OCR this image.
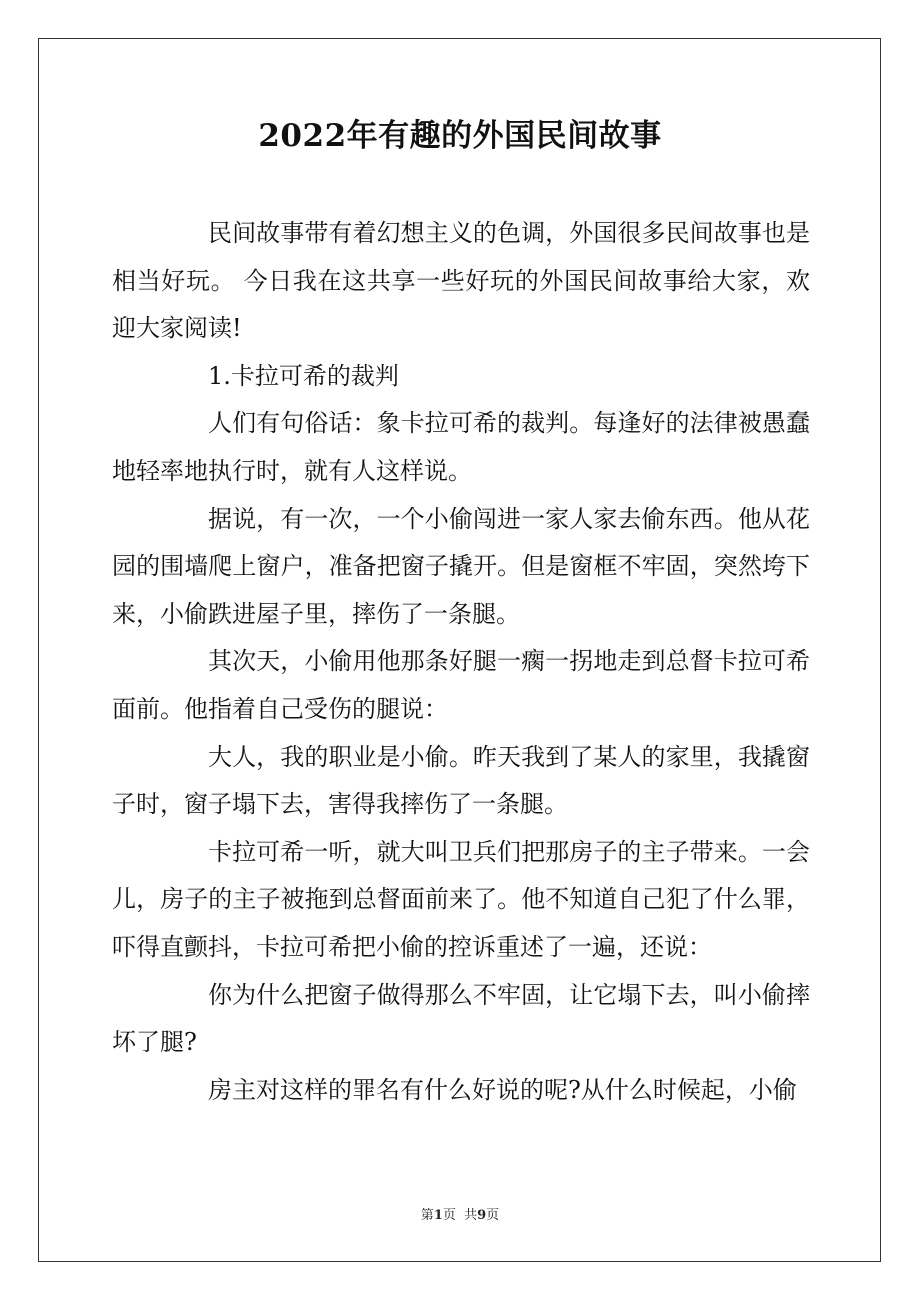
2022年有趣的外国民间故事

民间故事带有着幻想主义的色调，外国很多民间故事也是相当好玩。 今日我在这共享一些好玩的外国民间故事给大家，欢迎大家阅读!

1.卡拉可希的裁判

人们有句俗话：象卡拉可希的裁判。每逢好的法律被愚蠢地轻率地执行时，就有人这样说。

据说，有一次，一个小偷闯进一家人家去偷东西。他从花园的围墙爬上窗户，准备把窗子撬开。但是窗框不牢固，突然垮下来，小偷跌进屋子里，摔伤了一条腿。

其次天，小偷用他那条好腿一瘸一拐地走到总督卡拉可希面前。他指着自己受伤的腿说：

大人，我的职业是小偷。昨天我到了某人的家里，我撬窗子时，窗子塌下去，害得我摔伤了一条腿。

卡拉可希一听，就大叫卫兵们把那房子的主子带来。一会儿，房子的主子被拖到总督面前来了。他不知道自己犯了什么罪，吓得直颤抖，卡拉可希把小偷的控诉重述了一遍，还说：

你为什么把窗子做得那么不牢固，让它塌下去，叫小偷摔坏了腿?

房主对这样的罪名有什么好说的呢?从什么时候起，小偷

第1页  共9页
